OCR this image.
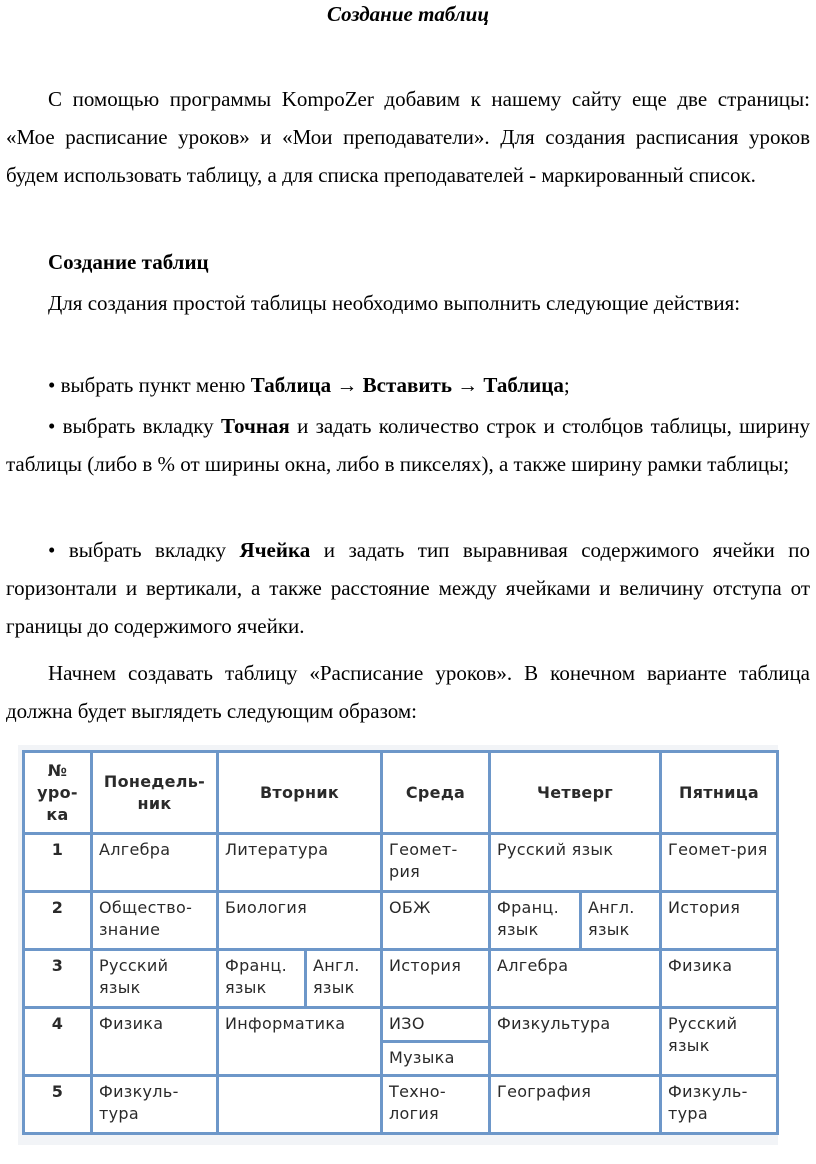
Создание таблиц

С помощью программы KompoZer добавим к нашему сайту еще две страницы: «Мое расписание уроков» и «Мои преподаватели». Для создания расписания уроков будем использовать таблицу, а для списка преподавателей - маркированный список.

Создание таблиц

Для создания простой таблицы необходимо выполнить следующие действия:

• выбрать пункт меню Таблица → Вставить → Таблица;

• выбрать вкладку Точная и задать количество строк и столбцов таблицы, ширину таблицы (либо в % от ширины окна, либо в пикселях), а также ширину рамки таблицы;

• выбрать вкладку Ячейка и задать тип выравнивая содержимого ячейки по горизонтали и вертикали, а также расстояние между ячейками и величину отступа от границы до содержимого ячейки.

Начнем создавать таблицу «Расписание уроков». В конечном варианте таблица должна будет выглядеть следующим образом:

№ уро-ка	Понедель-ник	Вторник		Среда	Четверг		Пятница
1	Алгебра	Литература		Геомет-рия	Русский язык		Геомет-рия
2	Общество-знание	Биология		ОБЖ	Франц. язык	Англ. язык	История
3	Русский язык	Франц. язык	Англ. язык	История	Алгебра		Физика
4	Физика	Информатика		ИЗО	Физкультура		Русский язык
				Музыка			
5	Физкуль-тура			Техно-логия	География		Физкуль-тура
